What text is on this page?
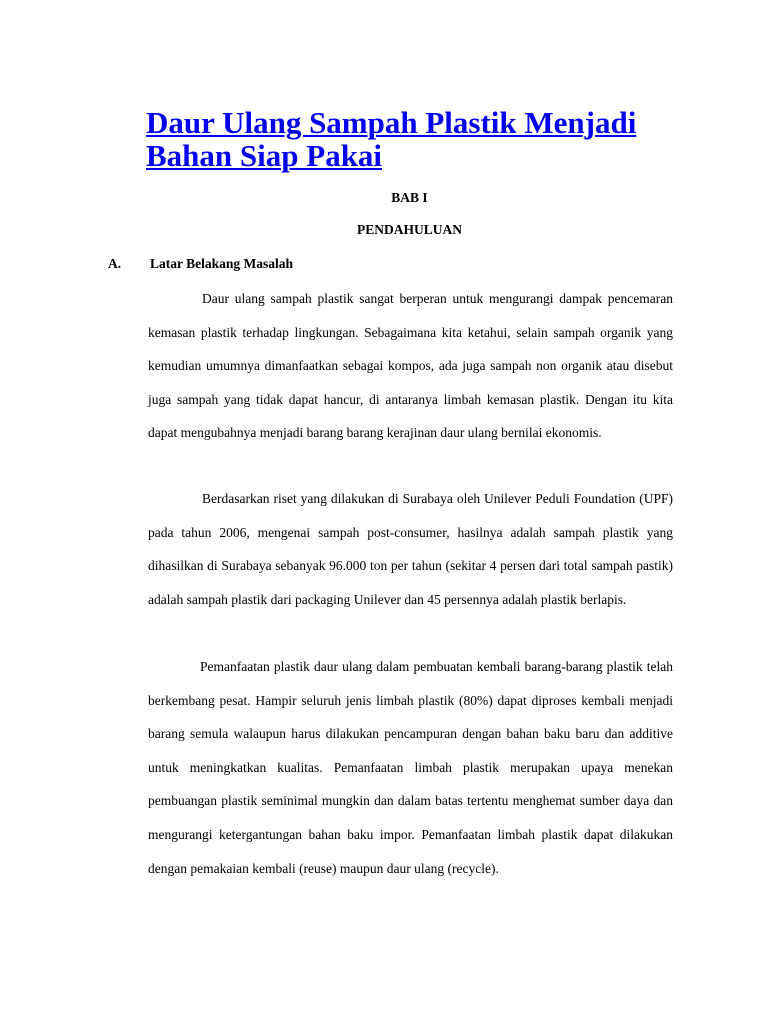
Daur Ulang Sampah Plastik Menjadi Bahan Siap Pakai
BAB I
PENDAHULUAN
A. Latar Belakang Masalah

Daur ulang sampah plastik sangat berperan untuk mengurangi dampak pencemaran kemasan plastik terhadap lingkungan. Sebagaimana kita ketahui, selain sampah organik yang kemudian umumnya dimanfaatkan sebagai kompos, ada juga sampah non organik atau disebut juga sampah yang tidak dapat hancur, di antaranya limbah kemasan plastik. Dengan itu kita dapat mengubahnya menjadi barang barang kerajinan daur ulang bernilai ekonomis.

Berdasarkan riset yang dilakukan di Surabaya oleh Unilever Peduli Foundation (UPF) pada tahun 2006, mengenai sampah post-consumer, hasilnya adalah sampah plastik yang dihasilkan di Surabaya sebanyak 96.000 ton per tahun (sekitar 4 persen dari total sampah pastik) adalah sampah plastik dari packaging Unilever dan 45 persennya adalah plastik berlapis.

Pemanfaatan plastik daur ulang dalam pembuatan kembali barang-barang plastik telah berkembang pesat. Hampir seluruh jenis limbah plastik (80%) dapat diproses kembali menjadi barang semula walaupun harus dilakukan pencampuran dengan bahan baku baru dan additive untuk meningkatkan kualitas. Pemanfaatan limbah plastik merupakan upaya menekan pembuangan plastik seminimal mungkin dan dalam batas tertentu menghemat sumber daya dan mengurangi ketergantungan bahan baku impor. Pemanfaatan limbah plastik dapat dilakukan dengan pemakaian kembali (reuse) maupun daur ulang (recycle).
